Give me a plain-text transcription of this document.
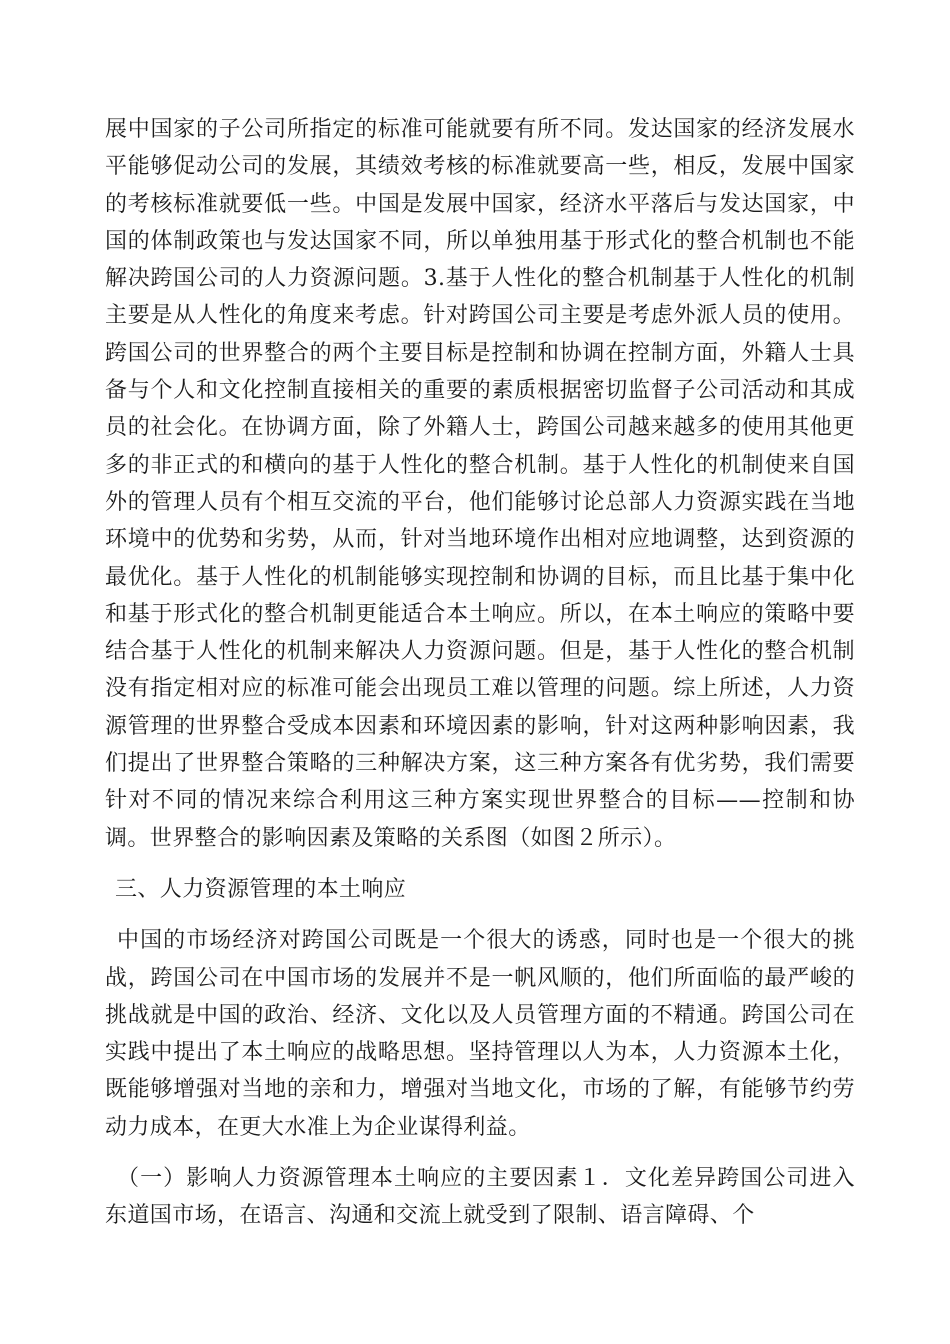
展中国家的子公司所指定的标准可能就要有所不同。发达国家的经济发展水平能够促动公司的发展，其绩效考核的标准就要高一些，相反，发展中国家的考核标准就要低一些。中国是发展中国家，经济水平落后与发达国家，中国的体制政策也与发达国家不同，所以单独用基于形式化的整合机制也不能解决跨国公司的人力资源问题。3.基于人性化的整合机制基于人性化的机制主要是从人性化的角度来考虑。针对跨国公司主要是考虑外派人员的使用。跨国公司的世界整合的两个主要目标是控制和协调在控制方面，外籍人士具备与个人和文化控制直接相关的重要的素质根据密切监督子公司活动和其成员的社会化。在协调方面，除了外籍人士，跨国公司越来越多的使用其他更多的非正式的和横向的基于人性化的整合机制。基于人性化的机制使来自国外的管理人员有个相互交流的平台，他们能够讨论总部人力资源实践在当地环境中的优势和劣势，从而，针对当地环境作出相对应地调整，达到资源的最优化。基于人性化的机制能够实现控制和协调的目标，而且比基于集中化和基于形式化的整合机制更能适合本土响应。所以，在本土响应的策略中要结合基于人性化的机制来解决人力资源问题。但是，基于人性化的整合机制没有指定相对应的标准可能会出现员工难以管理的问题。综上所述，人力资源管理的世界整合受成本因素和环境因素的影响，针对这两种影响因素，我们提出了世界整合策略的三种解决方案，这三种方案各有优劣势，我们需要针对不同的情况来综合利用这三种方案实现世界整合的目标——控制和协调。世界整合的影响因素及策略的关系图（如图２所示）。

三、人力资源管理的本土响应

中国的市场经济对跨国公司既是一个很大的诱惑，同时也是一个很大的挑战，跨国公司在中国市场的发展并不是一帆风顺的，他们所面临的最严峻的挑战就是中国的政治、经济、文化以及人员管理方面的不精通。跨国公司在实践中提出了本土响应的战略思想。坚持管理以人为本，人力资源本土化，既能够增强对当地的亲和力，增强对当地文化，市场的了解，有能够节约劳动力成本，在更大水准上为企业谋得利益。

（一）影响人力资源管理本土响应的主要因素１．文化差异跨国公司进入东道国市场，在语言、沟通和交流上就受到了限制、语言障碍、个
